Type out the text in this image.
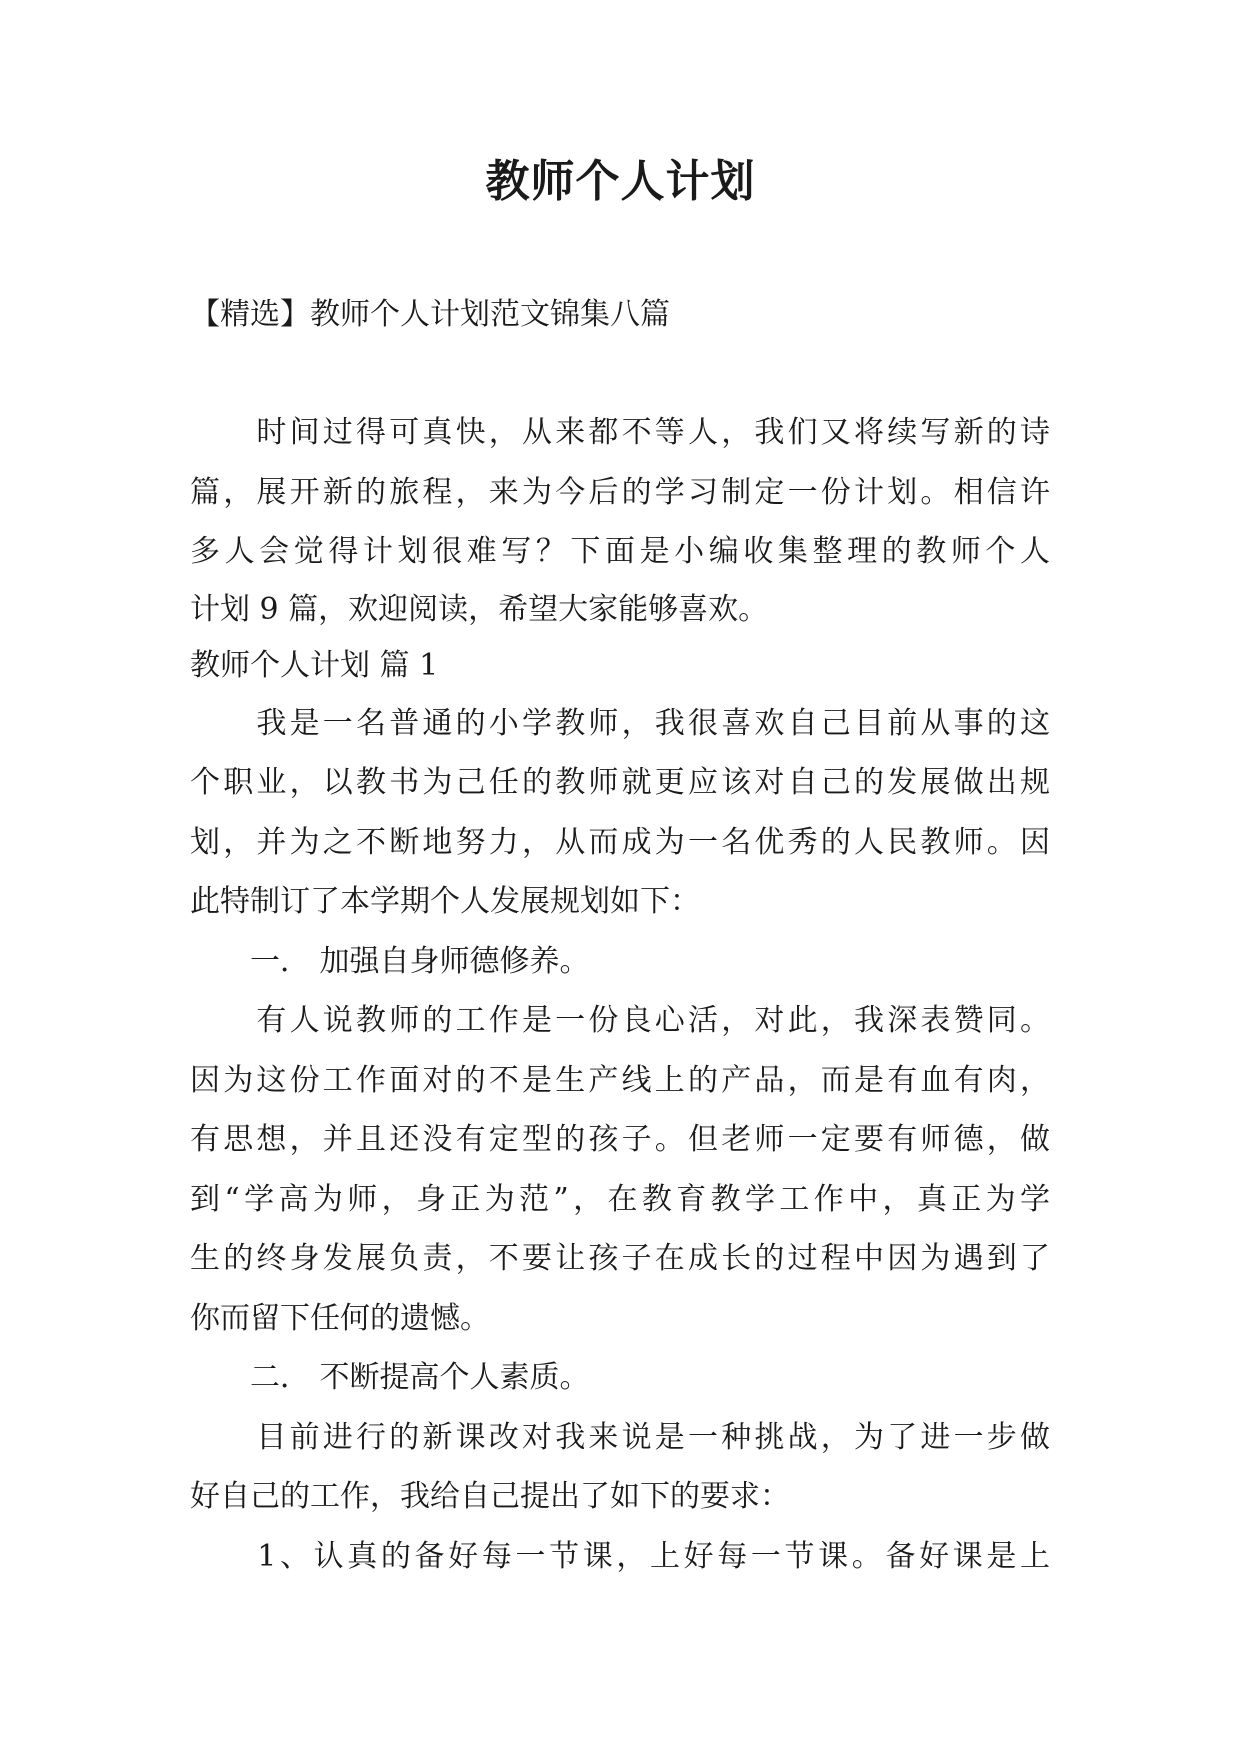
教师个人计划
【精选】教师个人计划范文锦集八篇
　　时间过得可真快，从来都不等人，我们又将续写新的诗
篇，展开新的旅程，来为今后的学习制定一份计划。相信许
多人会觉得计划很难写？下面是小编收集整理的教师个人
计划 9 篇，欢迎阅读，希望大家能够喜欢。
教师个人计划 篇 1
　　我是一名普通的小学教师，我很喜欢自己目前从事的这
个职业，以教书为己任的教师就更应该对自己的发展做出规
划，并为之不断地努力，从而成为一名优秀的人民教师。因
此特制订了本学期个人发展规划如下：
　　一． 加强自身师德修养。
　　有人说教师的工作是一份良心活，对此，我深表赞同。
因为这份工作面对的不是生产线上的产品，而是有血有肉，
有思想，并且还没有定型的孩子。但老师一定要有师德，做
到“学高为师，身正为范”，在教育教学工作中，真正为学
生的终身发展负责，不要让孩子在成长的过程中因为遇到了
你而留下任何的遗憾。
　　二． 不断提高个人素质。
　　目前进行的新课改对我来说是一种挑战，为了进一步做
好自己的工作，我给自己提出了如下的要求：
　　1、认真的备好每一节课，上好每一节课。备好课是上
